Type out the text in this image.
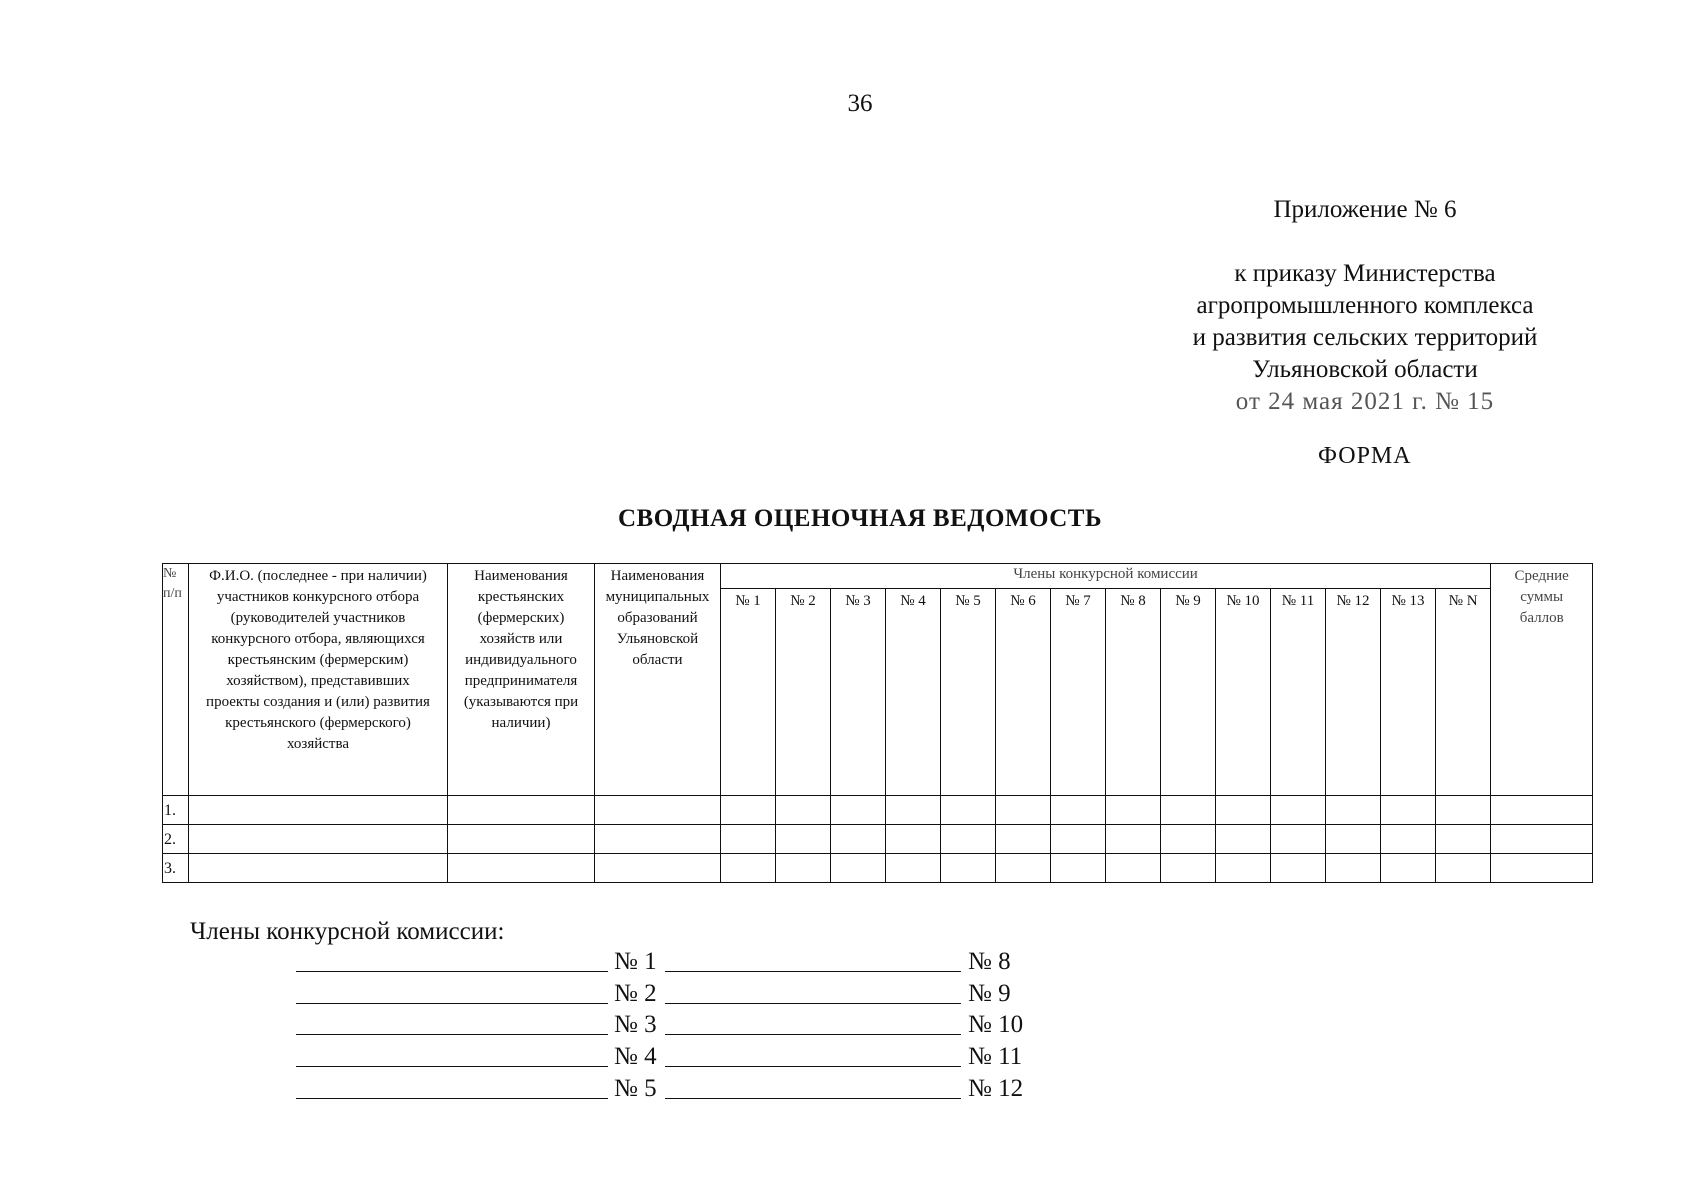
36
Приложение № 6
к приказу Министерства
агропромышленного комплекса
и развития сельских территорий
Ульяновской области
от 24 мая 2021 г. № 15
ФОРМА
СВОДНАЯ ОЦЕНОЧНАЯ ВЕДОМОСТЬ
№ п/п	Ф.И.О. (последнее - при наличии) участников конкурсного отбора (руководителей участников конкурсного отбора, являющихся крестьянским (фермерским) хозяйством), представивших проекты создания и (или) развития крестьянского (фермерского) хозяйства	Наименования крестьянских (фермерских) хозяйств или индивидуального предпринимателя (указываются при наличии)	Наименования муниципальных образований Ульяновской области	Члены конкурсной комиссии														Средние суммы баллов
				№ 1	№ 2	№ 3	№ 4	№ 5	№ 6	№ 7	№ 8	№ 9	№ 10	№ 11	№ 12	№ 13	№ N	
1.																		
2.																		
3.																		
Члены конкурсной комиссии:
№ 1	№ 8
№ 2	№ 9
№ 3	№ 10
№ 4	№ 11
№ 5	№ 12
